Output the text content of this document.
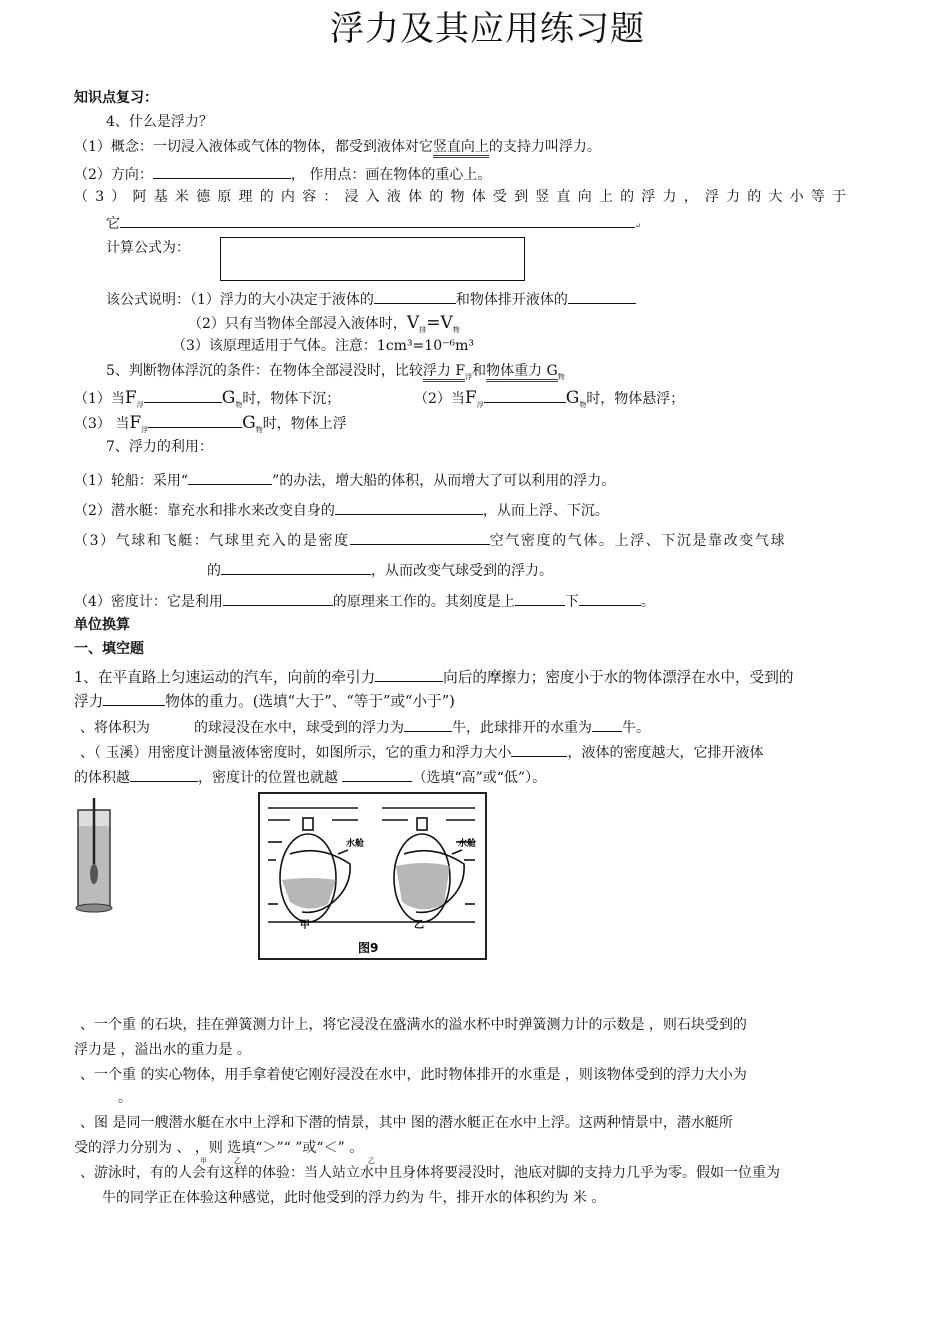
浮力及其应用练习题
知识点复习：
4、什么是浮力？
（1）概念：一切浸入液体或气体的物体，都受到液体对它竖直向上的支持力叫浮力。
（2）方向：	， 作用点：画在物体的重心上。
（3）阿基米德原理的内容：浸入液体的物体受到竖直向上的浮力，浮力的大小等于
它	↵
计算公式为：
该公式说明：（1）浮力的大小决定于液体的	和物体排开液体的
（2）只有当物体全部浸入液体时，$V_排=V_物$
（3）该原理适用于气体。注意：1cm³=10⁻⁶m³
5、判断物体浮沉的条件：在物体全部浸没时，比较浮力 $F_浮$和物体重力 $G_物$
（1）当$F_浮$	$G_物$时，物体下沉；	（2）当$F_浮$	$G_物$时，物体悬浮；
（3） 当$F_浮$	$G_物$时，物体上浮
7、浮力的利用：
（1）轮船：采用“	”的办法，增大船的体积，从而增大了可以利用的浮力。
（2）潜水艇：靠充水和排水来改变自身的	，从而上浮、下沉。
（3）气球和飞艇：气球里充入的是密度	空气密度的气体。上浮、下沉是靠改变气球
的	，从而改变气球受到的浮力。
（4）密度计：它是利用	的原理来工作的。其刻度是上	下	。
单位换算
一、填空题
1、在平直路上匀速运动的汽车，向前的牵引力	向后的摩擦力；密度小于水的物体漂浮在水中，受到的
浮力	物体的重力。(选填“大于”、“等于”或“小于”)
、将体积为	的球浸没在水中，球受到的浮力为	牛，此球排开的水重为 牛。
、（ 玉溪）用密度计测量液体密度时，如图所示，它的重力和浮力大小	，液体的密度越大，它排开液体
的体积越	，密度计的位置也就越	（选填“高”或“低”）。
水舱	水舱
甲	乙
图9
、一个重 的石块，挂在弹簧测力计上，将它浸没在盛满水的溢水杯中时弹簧测力计的示数是 ，则石块受到的
浮力是 ，溢出水的重力是 。
、一个重 的实心物体，用手拿着使它刚好浸没在水中，此时物体排开的水重是 ，则该物体受到的浮力大小为
。
、图 是同一艘潜水艇在水中上浮和下潜的情景，其中 图的潜水艇正在水中上浮。这两种情景中，潜水艇所
受的浮力分别为 、 ，则 选填“＞”“ ”或“＜” 。
甲	乙	乙
、游泳时，有的人会有这样的体验：当人站立水中且身体将要浸没时，池底对脚的支持力几乎为零。假如一位重为
牛的同学正在体验这种感觉，此时他受到的浮力约为 牛，排开水的体积约为 米 。
